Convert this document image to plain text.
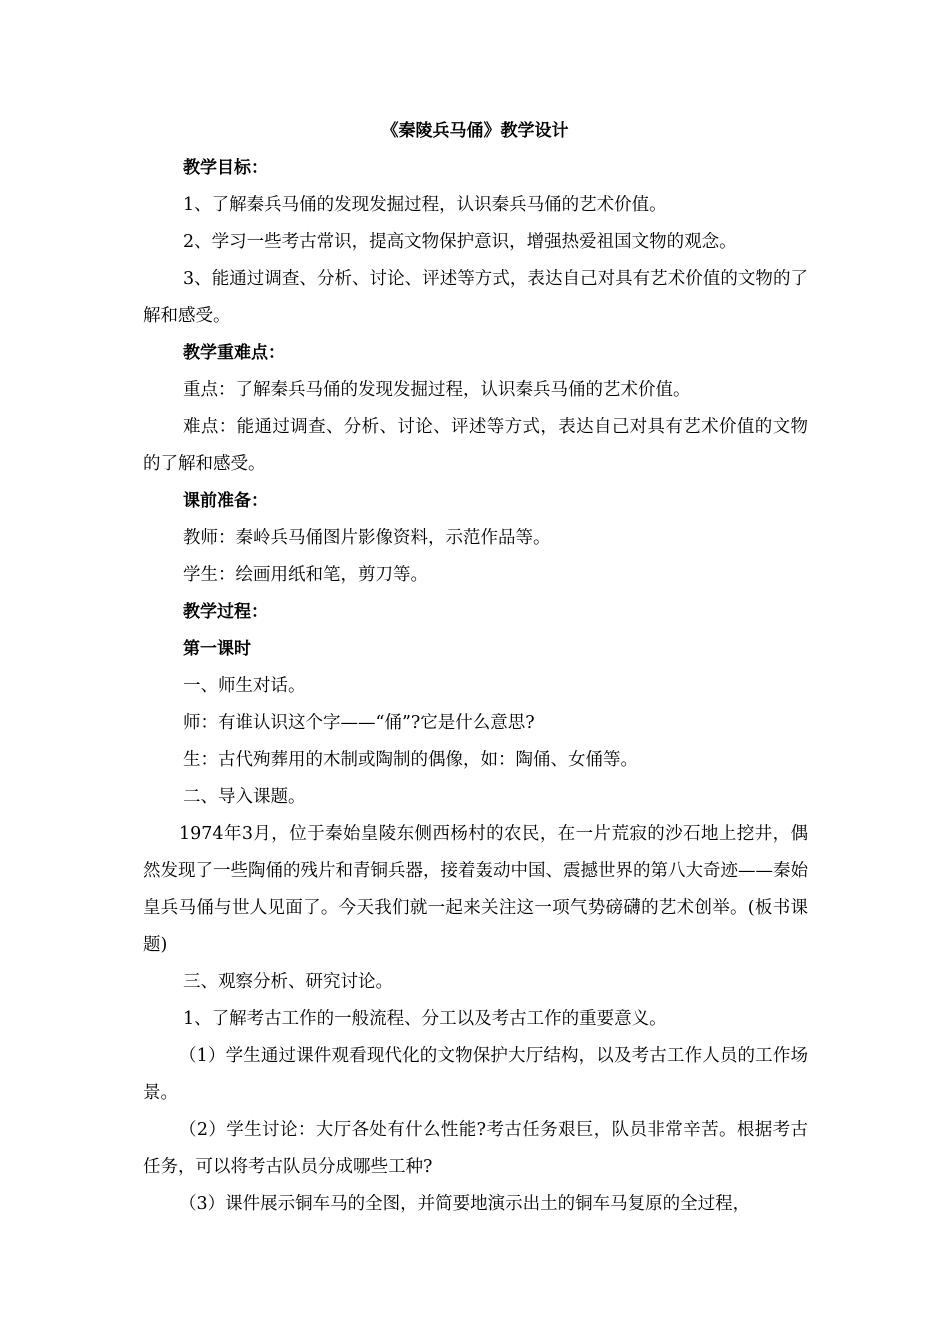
《秦陵兵马俑》教学设计

教学目标：

1、了解秦兵马俑的发现发掘过程，认识秦兵马俑的艺术价值。

2、学习一些考古常识，提高文物保护意识，增强热爱祖国文物的观念。

3、能通过调查、分析、讨论、评述等方式，表达自己对具有艺术价值的文物的了解和感受。

教学重难点：

重点：了解秦兵马俑的发现发掘过程，认识秦兵马俑的艺术价值。

难点：能通过调查、分析、讨论、评述等方式，表达自己对具有艺术价值的文物的了解和感受。

课前准备：

教师：秦岭兵马俑图片影像资料，示范作品等。

学生：绘画用纸和笔，剪刀等。

教学过程：

第一课时

一、师生对话。

师：有谁认识这个字——“俑”?它是什么意思?

生：古代殉葬用的木制或陶制的偶像，如：陶俑、女俑等。

二、导入课题。

1974年3月，位于秦始皇陵东侧西杨村的农民，在一片荒寂的沙石地上挖井，偶然发现了一些陶俑的残片和青铜兵器，接着轰动中国、震撼世界的第八大奇迹——秦始皇兵马俑与世人见面了。今天我们就一起来关注这一项气势磅礴的艺术创举。(板书课题)

三、观察分析、研究讨论。

1、了解考古工作的一般流程、分工以及考古工作的重要意义。

（1）学生通过课件观看现代化的文物保护大厅结构，以及考古工作人员的工作场景。

（2）学生讨论：大厅各处有什么性能?考古任务艰巨，队员非常辛苦。根据考古任务，可以将考古队员分成哪些工种?

（3）课件展示铜车马的全图，并简要地演示出土的铜车马复原的全过程，
